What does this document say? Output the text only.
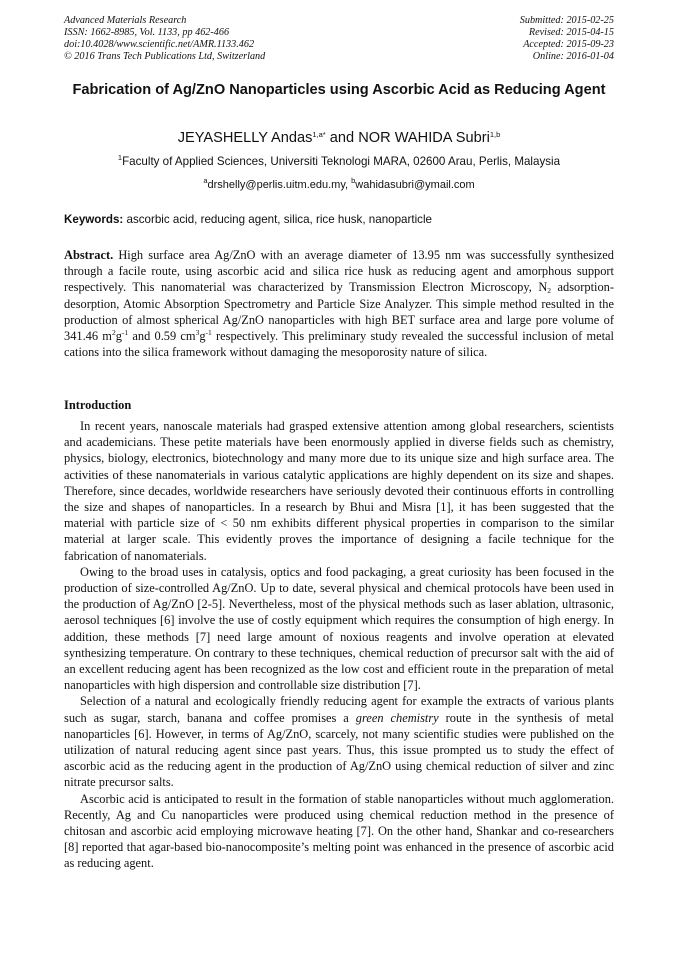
Advanced Materials Research
ISSN: 1662-8985, Vol. 1133, pp 462-466
doi:10.4028/www.scientific.net/AMR.1133.462
© 2016 Trans Tech Publications Ltd, Switzerland
Submitted: 2015-02-25
Revised: 2015-04-15
Accepted: 2015-09-23
Online: 2016-01-04
Fabrication of Ag/ZnO Nanoparticles using Ascorbic Acid as Reducing Agent
JEYASHELLY Andas$^{1,a*}$ and NOR WAHIDA Subri$^{1,b}$
$^1$Faculty of Applied Sciences, Universiti Teknologi MARA, 02600 Arau, Perlis, Malaysia
$^a$drshelly@perlis.uitm.edu.my, $^b$wahidasubri@ymail.com
Keywords: ascorbic acid, reducing agent, silica, rice husk, nanoparticle
Abstract. High surface area Ag/ZnO with an average diameter of 13.95 nm was successfully synthesized through a facile route, using ascorbic acid and silica rice husk as reducing agent and amorphous support respectively. This nanomaterial was characterized by Transmission Electron Microscopy, $N_2$ adsorption-desorption, Atomic Absorption Spectrometry and Particle Size Analyzer. This simple method resulted in the production of almost spherical Ag/ZnO nanoparticles with high BET surface area and large pore volume of 341.46 $m^2g^{-1}$ and 0.59 $cm^3g^{-1}$ respectively. This preliminary study revealed the successful inclusion of metal cations into the silica framework without damaging the mesoporosity nature of silica.
Introduction

In recent years, nanoscale materials had grasped extensive attention among global researchers, scientists and academicians. These petite materials have been enormously applied in diverse fields such as chemistry, physics, biology, electronics, biotechnology and many more due to its unique size and high surface area. The activities of these nanomaterials in various catalytic applications are highly dependent on its size and shapes. Therefore, since decades, worldwide researchers have seriously devoted their continuous efforts in controlling the size and shapes of nanoparticles. In a research by Bhui and Misra [1], it has been suggested that the material with particle size of < 50 nm exhibits different physical properties in comparison to the similar material at larger scale. This evidently proves the importance of designing a facile technique for the fabrication of nanomaterials.

Owing to the broad uses in catalysis, optics and food packaging, a great curiosity has been focused in the production of size-controlled Ag/ZnO. Up to date, several physical and chemical protocols have been used in the production of Ag/ZnO [2-5]. Nevertheless, most of the physical methods such as laser ablation, ultrasonic, aerosol techniques [6] involve the use of costly equipment which requires the consumption of high energy. In addition, these methods [7] need large amount of noxious reagents and involve operation at elevated synthesizing temperature. On contrary to these techniques, chemical reduction of precursor salt with the aid of an excellent reducing agent has been recognized as the low cost and efficient route in the preparation of metal nanoparticles with high dispersion and controllable size distribution [7].

Selection of a natural and ecologically friendly reducing agent for example the extracts of various plants such as sugar, starch, banana and coffee promises a green chemistry route in the synthesis of metal nanoparticles [6]. However, in terms of Ag/ZnO, scarcely, not many scientific studies were published on the utilization of natural reducing agent since past years. Thus, this issue prompted us to study the effect of ascorbic acid as the reducing agent in the production of Ag/ZnO using chemical reduction of silver and zinc nitrate precursor salts.

Ascorbic acid is anticipated to result in the formation of stable nanoparticles without much agglomeration. Recently, Ag and Cu nanoparticles were produced using chemical reduction method in the presence of chitosan and ascorbic acid employing microwave heating [7]. On the other hand, Shankar and co-researchers [8] reported that agar-based bio-nanocomposite’s melting point was enhanced in the presence of ascorbic acid as reducing agent.
